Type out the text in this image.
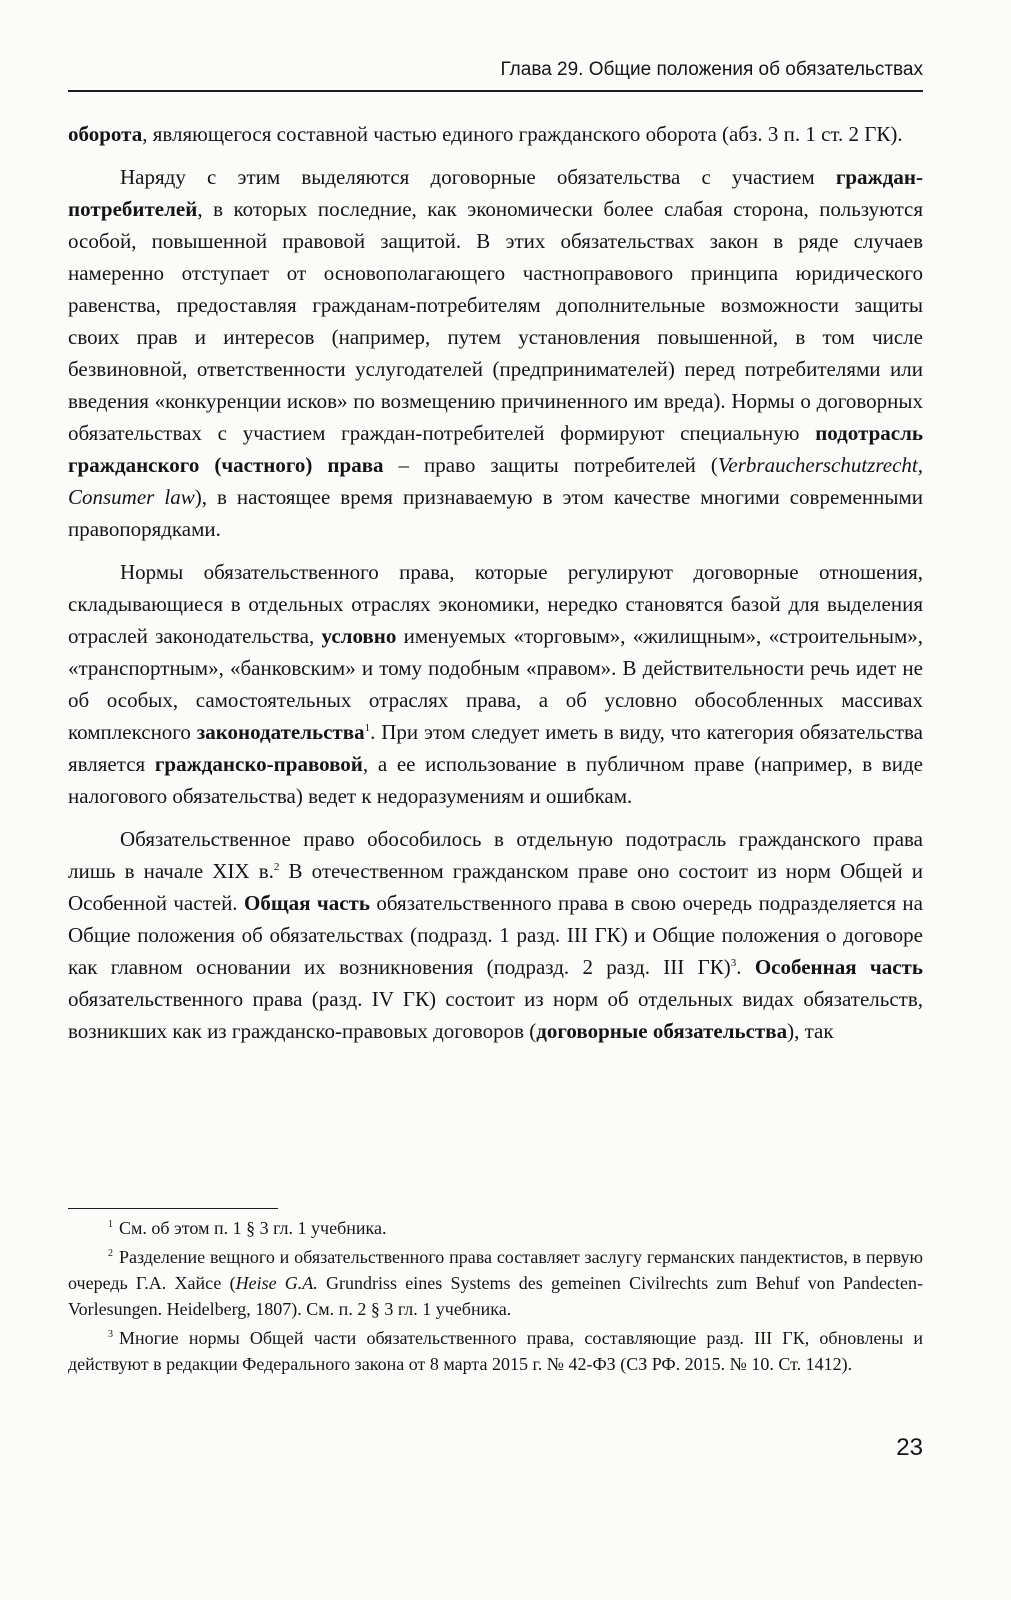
Глава 29. Общие положения об обязательствах

оборота, являющегося составной частью единого гражданского оборота (абз. 3 п. 1 ст. 2 ГК).

Наряду с этим выделяются договорные обязательства с участием граждан-потребителей, в которых последние, как экономически более слабая сторона, пользуются особой, повышенной правовой защитой. В этих обязательствах закон в ряде случаев намеренно отступает от основополагающего частноправового принципа юридического равенства, предоставляя гражданам-потребителям дополнительные возможности защиты своих прав и интересов (например, путем установления повышенной, в том числе безвиновной, ответственности услугодателей (предпринимателей) перед потребителями или введения «конкуренции исков» по возмещению причиненного им вреда). Нормы о договорных обязательствах с участием граждан-потребителей формируют специальную подотрасль гражданского (частного) права – право защиты потребителей (Verbraucherschutzrecht, Consumer law), в настоящее время признаваемую в этом качестве многими современными правопорядками.

Нормы обязательственного права, которые регулируют договорные отношения, складывающиеся в отдельных отраслях экономики, нередко становятся базой для выделения отраслей законодательства, условно именуемых «торговым», «жилищным», «строительным», «транспортным», «банковским» и тому подобным «правом». В действительности речь идет не об особых, самостоятельных отраслях права, а об условно обособленных массивах комплексного законодательства$^1$. При этом следует иметь в виду, что категория обязательства является гражданско-правовой, а ее использование в публичном праве (например, в виде налогового обязательства) ведет к недоразумениям и ошибкам.

Обязательственное право обособилось в отдельную подотрасль гражданского права лишь в начале XIX в.$^2$ В отечественном гражданском праве оно состоит из норм Общей и Особенной частей. Общая часть обязательственного права в свою очередь подразделяется на Общие положения об обязательствах (подразд. 1 разд. III ГК) и Общие положения о договоре как главном основании их возникновения (подразд. 2 разд. III ГК)$^3$. Особенная часть обязательственного права (разд. IV ГК) состоит из норм об отдельных видах обязательств, возникших как из гражданско-правовых договоров (договорные обязательства), так

$^1$ См. об этом п. 1 § 3 гл. 1 учебника.

$^2$ Разделение вещного и обязательственного права составляет заслугу германских пандектистов, в первую очередь Г.А. Хайсе (Heise G.A. Grundriss eines Systems des gemeinen Civilrechts zum Behuf von Pandecten-Vorlesungen. Heidelberg, 1807). См. п. 2 § 3 гл. 1 учебника.

$^3$ Многие нормы Общей части обязательственного права, составляющие разд. III ГК, обновлены и действуют в редакции Федерального закона от 8 марта 2015 г. № 42-ФЗ (СЗ РФ. 2015. № 10. Ст. 1412).

23
